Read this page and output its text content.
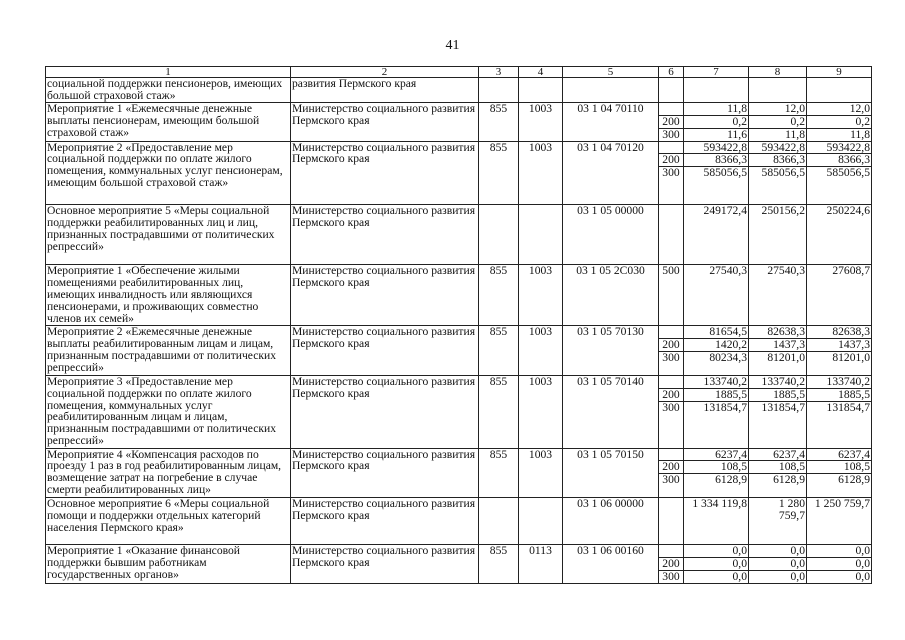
41
1	2	3	4	5	6	7	8	9
социальной поддержки пенсионеров, имеющих большой страховой стаж»	развития Пермского края							
Мероприятие 1 «Ежемесячные денежные выплаты пенсионерам, имеющим большой страховой стаж»	Министерство социального развития Пермского края	855	1003	03 1 04 70110		11,8	12,0	12,0
					200	0,2	0,2	0,2
					300	11,6	11,8	11,8
Мероприятие 2 «Предоставление мер социальной поддержки по оплате жилого помещения, коммунальных услуг пенсионерам, имеющим большой страховой стаж»	Министерство социального развития Пермского края	855	1003	03 1 04 70120		593422,8	593422,8	593422,8
					200	8366,3	8366,3	8366,3
					300	585056,5	585056,5	585056,5
Основное мероприятие 5 «Меры социальной поддержки реабилитированных лиц и лиц, признанных пострадавшими от политических репрессий»	Министерство социального развития Пермского края			03 1 05 00000		249172,4	250156,2	250224,6
Мероприятие 1 «Обеспечение жилыми помещениями реабилитированных лиц, имеющих инвалидность или являющихся пенсионерами, и проживающих совместно членов их семей»	Министерство социального развития Пермского края	855	1003	03 1 05 2С030	500	27540,3	27540,3	27608,7
Мероприятие 2 «Ежемесячные денежные выплаты реабилитированным лицам и лицам, признанным пострадавшими от политических репрессий»	Министерство социального развития Пермского края	855	1003	03 1 05 70130		81654,5	82638,3	82638,3
					200	1420,2	1437,3	1437,3
					300	80234,3	81201,0	81201,0
Мероприятие 3 «Предоставление мер социальной поддержки по оплате жилого помещения, коммунальных услуг реабилитированным лицам и лицам, признанным пострадавшими от политических репрессий»	Министерство социального развития Пермского края	855	1003	03 1 05 70140		133740,2	133740,2	133740,2
					200	1885,5	1885,5	1885,5
					300	131854,7	131854,7	131854,7
Мероприятие 4 «Компенсация расходов по проезду 1 раз в год реабилитированным лицам, возмещение затрат на погребение в случае смерти реабилитированных лиц»	Министерство социального развития Пермского края	855	1003	03 1 05 70150		6237,4	6237,4	6237,4
					200	108,5	108,5	108,5
					300	6128,9	6128,9	6128,9
Основное мероприятие 6 «Меры социальной помощи и поддержки отдельных категорий населения Пермского края»	Министерство социального развития Пермского края			03 1 06 00000		1 334 119,8	1 280 759,7	1 250 759,7
Мероприятие 1 «Оказание финансовой поддержки бывшим работникам государственных органов»	Министерство социального развития Пермского края	855	0113	03 1 06 00160		0,0	0,0	0,0
					200	0,0	0,0	0,0
					300	0,0	0,0	0,0
